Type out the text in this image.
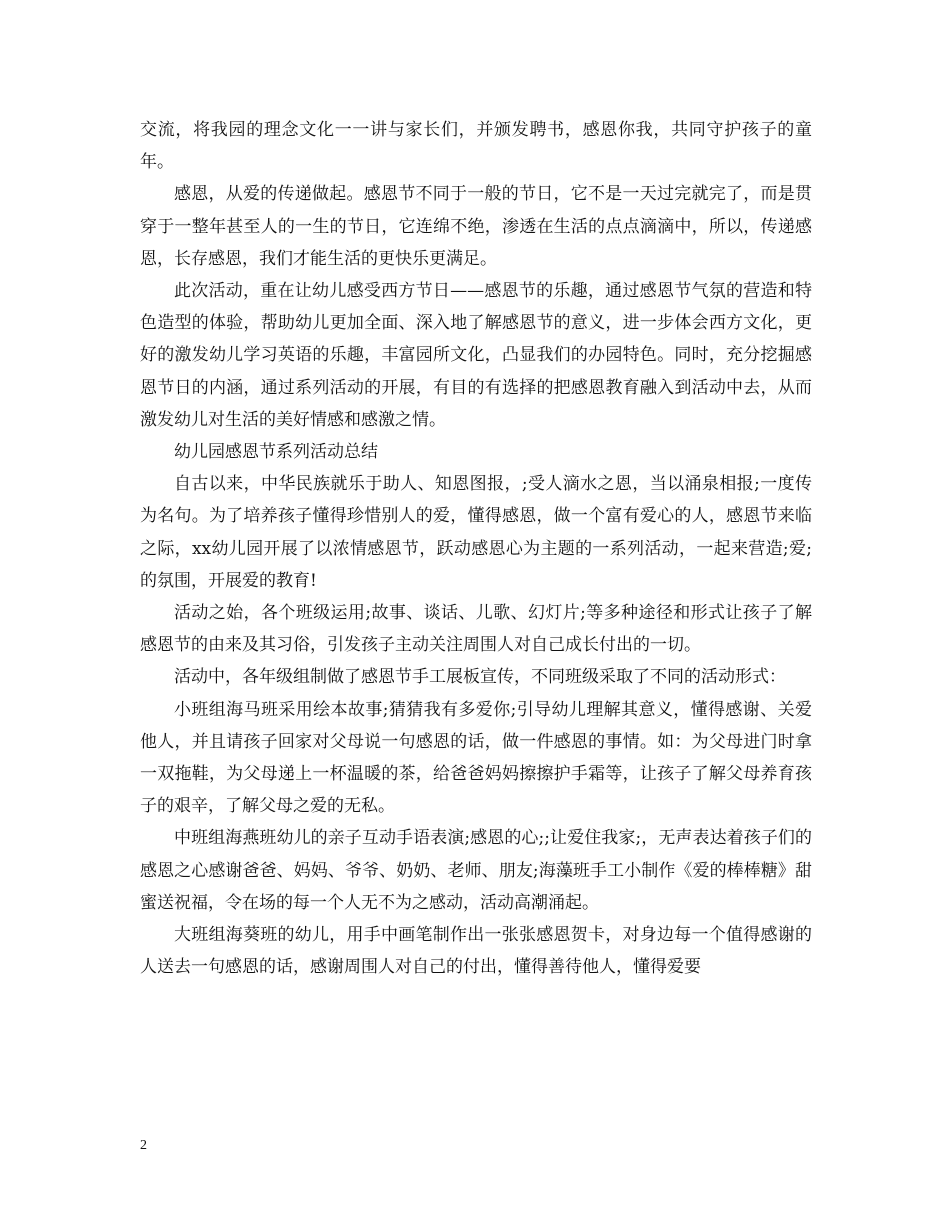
交流，将我园的理念文化一一讲与家长们，并颁发聘书，感恩你我，共同守护孩子的童年。

感恩，从爱的传递做起。感恩节不同于一般的节日，它不是一天过完就完了，而是贯穿于一整年甚至人的一生的节日，它连绵不绝，渗透在生活的点点滴滴中，所以，传递感恩，长存感恩，我们才能生活的更快乐更满足。

此次活动，重在让幼儿感受西方节日——感恩节的乐趣，通过感恩节气氛的营造和特色造型的体验，帮助幼儿更加全面、深入地了解感恩节的意义，进一步体会西方文化，更好的激发幼儿学习英语的乐趣，丰富园所文化，凸显我们的办园特色。同时，充分挖掘感恩节日的内涵，通过系列活动的开展，有目的有选择的把感恩教育融入到活动中去，从而激发幼儿对生活的美好情感和感激之情。

幼儿园感恩节系列活动总结

自古以来，中华民族就乐于助人、知恩图报，;受人滴水之恩，当以涌泉相报;一度传为名句。为了培养孩子懂得珍惜别人的爱，懂得感恩，做一个富有爱心的人，感恩节来临之际，xx幼儿园开展了以浓情感恩节，跃动感恩心为主题的一系列活动，一起来营造;爱;的氛围，开展爱的教育!

活动之始，各个班级运用;故事、谈话、儿歌、幻灯片;等多种途径和形式让孩子了解感恩节的由来及其习俗，引发孩子主动关注周围人对自己成长付出的一切。

活动中，各年级组制做了感恩节手工展板宣传，不同班级采取了不同的活动形式：

小班组海马班采用绘本故事;猜猜我有多爱你;引导幼儿理解其意义，懂得感谢、关爱他人，并且请孩子回家对父母说一句感恩的话，做一件感恩的事情。如：为父母进门时拿一双拖鞋，为父母递上一杯温暖的茶，给爸爸妈妈擦擦护手霜等，让孩子了解父母养育孩子的艰辛，了解父母之爱的无私。

中班组海燕班幼儿的亲子互动手语表演;感恩的心;;让爱住我家;，无声表达着孩子们的感恩之心感谢爸爸、妈妈、爷爷、奶奶、老师、朋友;海藻班手工小制作《爱的棒棒糖》甜蜜送祝福，令在场的每一个人无不为之感动，活动高潮涌起。

大班组海葵班的幼儿，用手中画笔制作出一张张感恩贺卡，对身边每一个值得感谢的人送去一句感恩的话，感谢周围人对自己的付出，懂得善待他人，懂得爱要

2
